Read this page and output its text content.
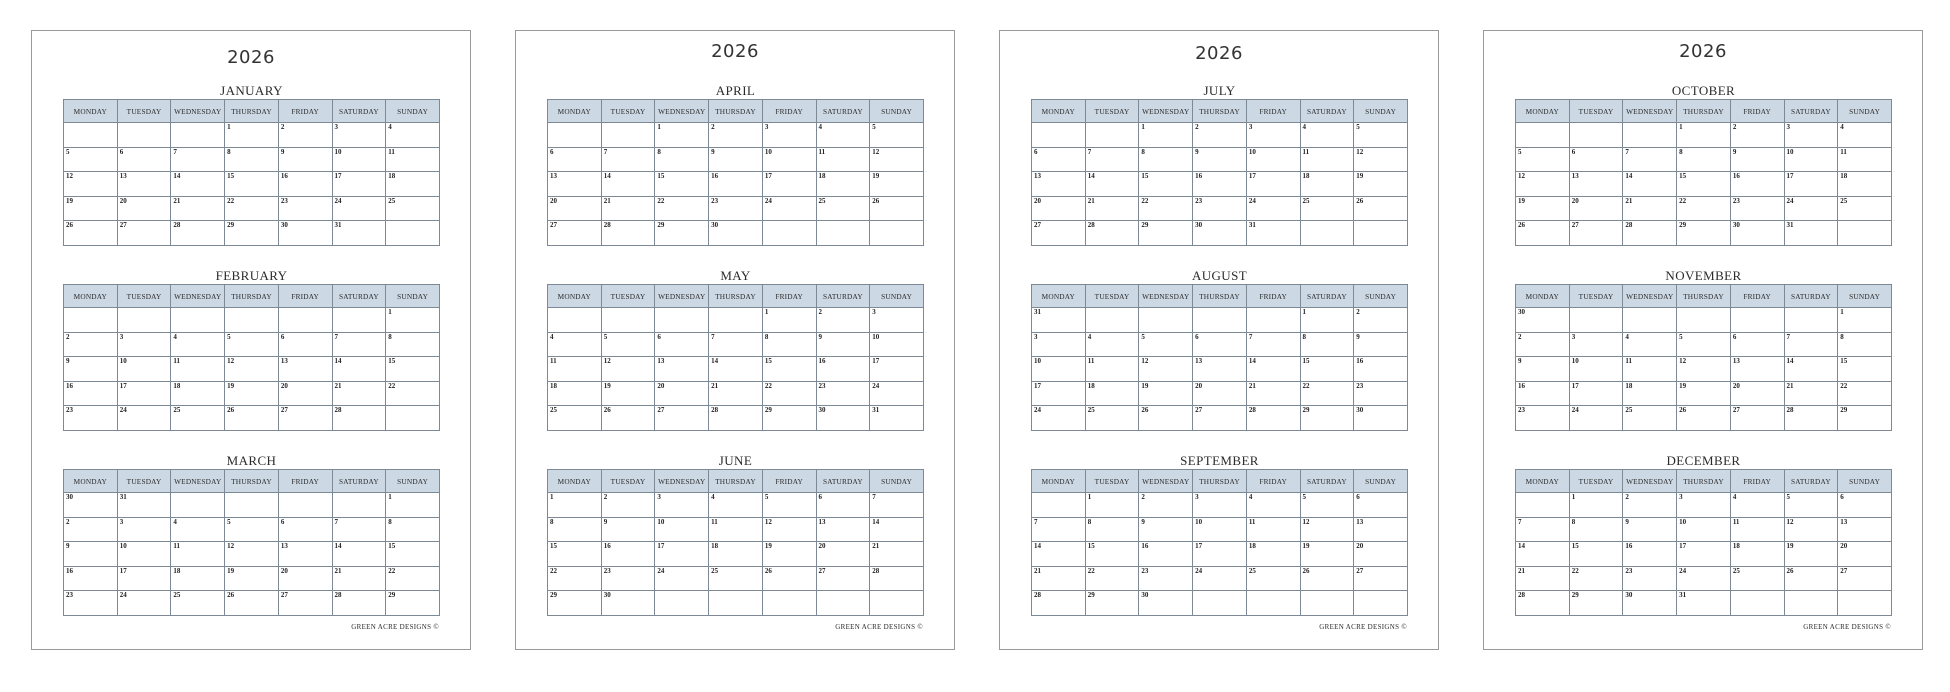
2026
JANUARY
MONDAY	TUESDAY	WEDNESDAY	THURSDAY	FRIDAY	SATURDAY	SUNDAY
			1	2	3	4
5	6	7	8	9	10	11
12	13	14	15	16	17	18
19	20	21	22	23	24	25
26	27	28	29	30	31	
FEBRUARY
MONDAY	TUESDAY	WEDNESDAY	THURSDAY	FRIDAY	SATURDAY	SUNDAY
						1
2	3	4	5	6	7	8
9	10	11	12	13	14	15
16	17	18	19	20	21	22
23	24	25	26	27	28	
MARCH
MONDAY	TUESDAY	WEDNESDAY	THURSDAY	FRIDAY	SATURDAY	SUNDAY
30	31					1
2	3	4	5	6	7	8
9	10	11	12	13	14	15
16	17	18	19	20	21	22
23	24	25	26	27	28	29
GREEN ACRE DESIGNS ©
2026
APRIL
MONDAY	TUESDAY	WEDNESDAY	THURSDAY	FRIDAY	SATURDAY	SUNDAY
		1	2	3	4	5
6	7	8	9	10	11	12
13	14	15	16	17	18	19
20	21	22	23	24	25	26
27	28	29	30			
MAY
MONDAY	TUESDAY	WEDNESDAY	THURSDAY	FRIDAY	SATURDAY	SUNDAY
				1	2	3
4	5	6	7	8	9	10
11	12	13	14	15	16	17
18	19	20	21	22	23	24
25	26	27	28	29	30	31
JUNE
MONDAY	TUESDAY	WEDNESDAY	THURSDAY	FRIDAY	SATURDAY	SUNDAY
1	2	3	4	5	6	7
8	9	10	11	12	13	14
15	16	17	18	19	20	21
22	23	24	25	26	27	28
29	30					
GREEN ACRE DESIGNS ©
2026
JULY
MONDAY	TUESDAY	WEDNESDAY	THURSDAY	FRIDAY	SATURDAY	SUNDAY
		1	2	3	4	5
6	7	8	9	10	11	12
13	14	15	16	17	18	19
20	21	22	23	24	25	26
27	28	29	30	31		
AUGUST
MONDAY	TUESDAY	WEDNESDAY	THURSDAY	FRIDAY	SATURDAY	SUNDAY
31					1	2
3	4	5	6	7	8	9
10	11	12	13	14	15	16
17	18	19	20	21	22	23
24	25	26	27	28	29	30
SEPTEMBER
MONDAY	TUESDAY	WEDNESDAY	THURSDAY	FRIDAY	SATURDAY	SUNDAY
	1	2	3	4	5	6
7	8	9	10	11	12	13
14	15	16	17	18	19	20
21	22	23	24	25	26	27
28	29	30				
GREEN ACRE DESIGNS ©
2026
OCTOBER
MONDAY	TUESDAY	WEDNESDAY	THURSDAY	FRIDAY	SATURDAY	SUNDAY
			1	2	3	4
5	6	7	8	9	10	11
12	13	14	15	16	17	18
19	20	21	22	23	24	25
26	27	28	29	30	31	
NOVEMBER
MONDAY	TUESDAY	WEDNESDAY	THURSDAY	FRIDAY	SATURDAY	SUNDAY
30						1
2	3	4	5	6	7	8
9	10	11	12	13	14	15
16	17	18	19	20	21	22
23	24	25	26	27	28	29
DECEMBER
MONDAY	TUESDAY	WEDNESDAY	THURSDAY	FRIDAY	SATURDAY	SUNDAY
	1	2	3	4	5	6
7	8	9	10	11	12	13
14	15	16	17	18	19	20
21	22	23	24	25	26	27
28	29	30	31			
GREEN ACRE DESIGNS ©
